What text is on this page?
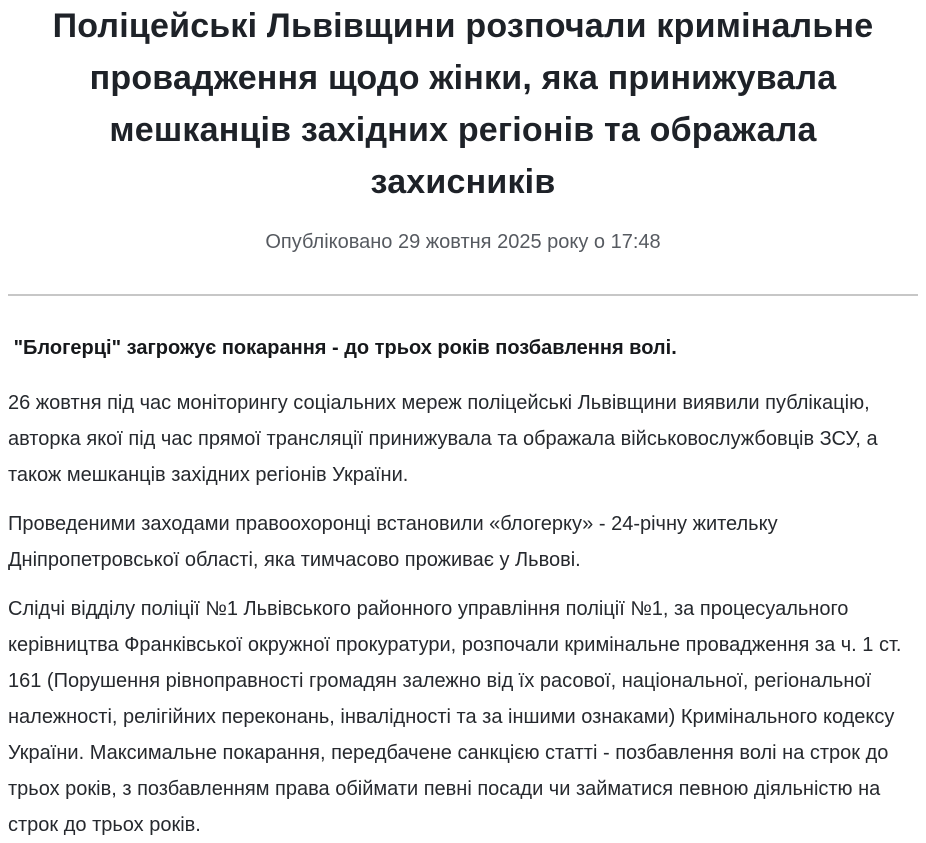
Поліцейські Львівщини розпочали кримінальне провадження щодо жінки, яка принижувала мешканців західних регіонів та ображала захисників
Опубліковано 29 жовтня 2025 року о 17:48

"Блогерці" загрожує покарання - до трьох років позбавлення волі.

26 жовтня під час моніторингу соціальних мереж поліцейські Львівщини виявили публікацію, авторка якої під час прямої трансляції принижувала та ображала військовослужбовців ЗСУ, а також мешканців західних регіонів України.

Проведеними заходами правоохоронці встановили «блогерку» - 24-річну жительку Дніпропетровської області, яка тимчасово проживає у Львові.

Слідчі відділу поліції №1 Львівського районного управління поліції №1, за процесуального керівництва Франківської окружної прокуратури, розпочали кримінальне провадження за ч. 1 ст. 161 (Порушення рівноправності громадян залежно від їх расової, національної, регіональної належності, релігійних переконань, інвалідності та за іншими ознаками) Кримінального кодексу України. Максимальне покарання, передбачене санкцією статті - позбавлення волі на строк до трьох років, з позбавленням права обіймати певні посади чи займатися певною діяльністю на строк до трьох років.
